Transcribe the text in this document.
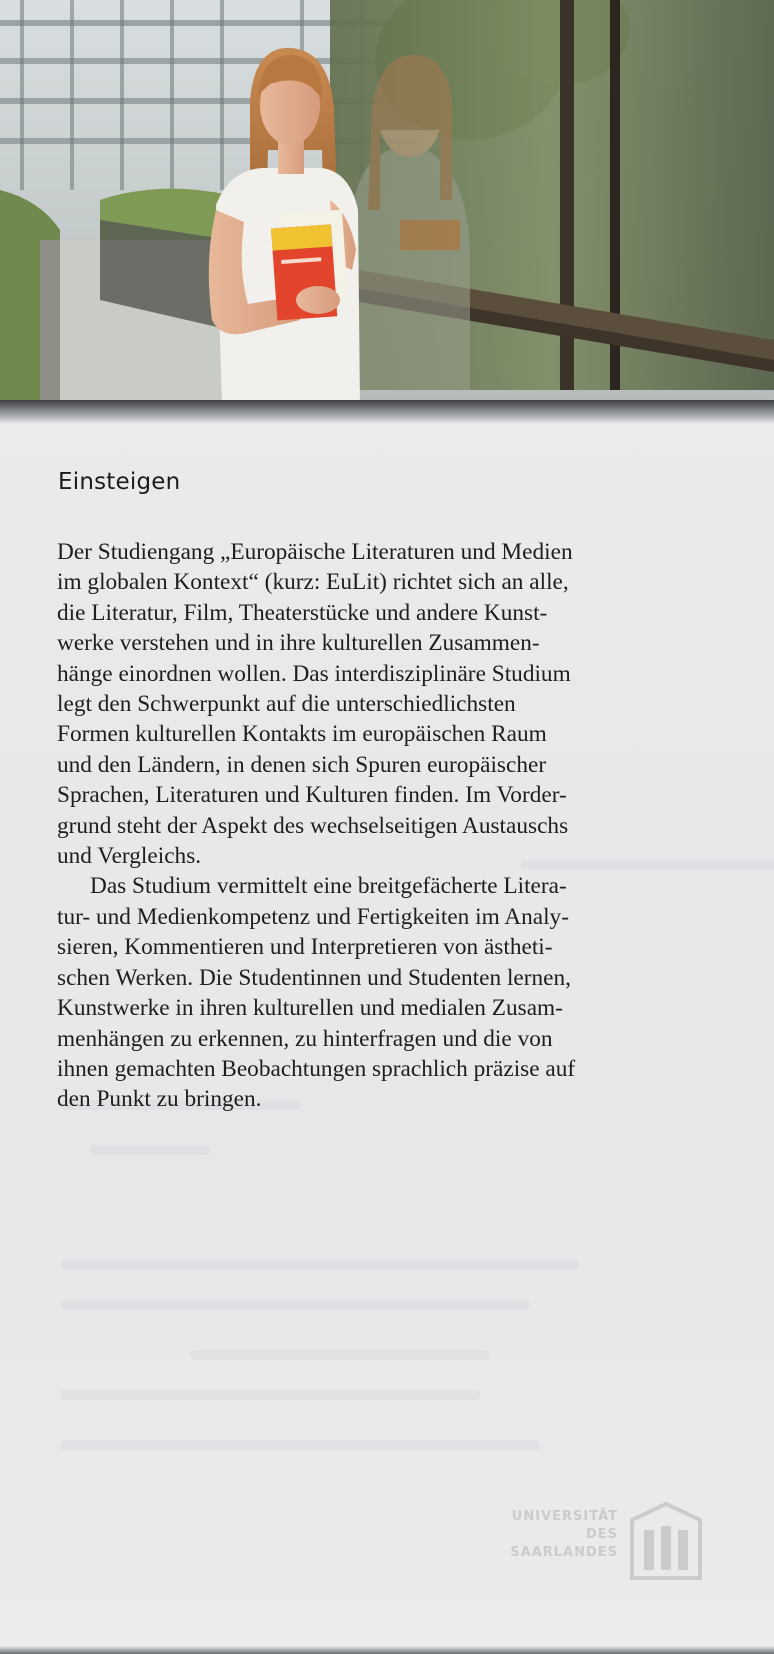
Einsteigen
Der Studiengang „Europäische Literaturen und Medien
im globalen Kontext“ (kurz: EuLit) richtet sich an alle,
die Literatur, Film, Theaterstücke und andere Kunst-
werke verstehen und in ihre kulturellen Zusammen-
hänge einordnen wollen. Das interdisziplinäre Studium
legt den Schwerpunkt auf die unterschiedlichsten
Formen kulturellen Kontakts im europäischen Raum
und den Ländern, in denen sich Spuren europäischer
Sprachen, Literaturen und Kulturen finden. Im Vorder-
grund steht der Aspekt des wechselseitigen Austauschs
und Vergleichs.
Das Studium vermittelt eine breitgefächerte Litera-
tur- und Medienkompetenz und Fertigkeiten im Analy-
sieren, Kommentieren und Interpretieren von ästheti-
schen Werken. Die Studentinnen und Studenten lernen,
Kunstwerke in ihren kulturellen und medialen Zusam-
menhängen zu erkennen, zu hinterfragen und die von
ihnen gemachten Beobachtungen sprachlich präzise auf
den Punkt zu bringen.
UNIVERSITÄT
DES
SAARLANDES
